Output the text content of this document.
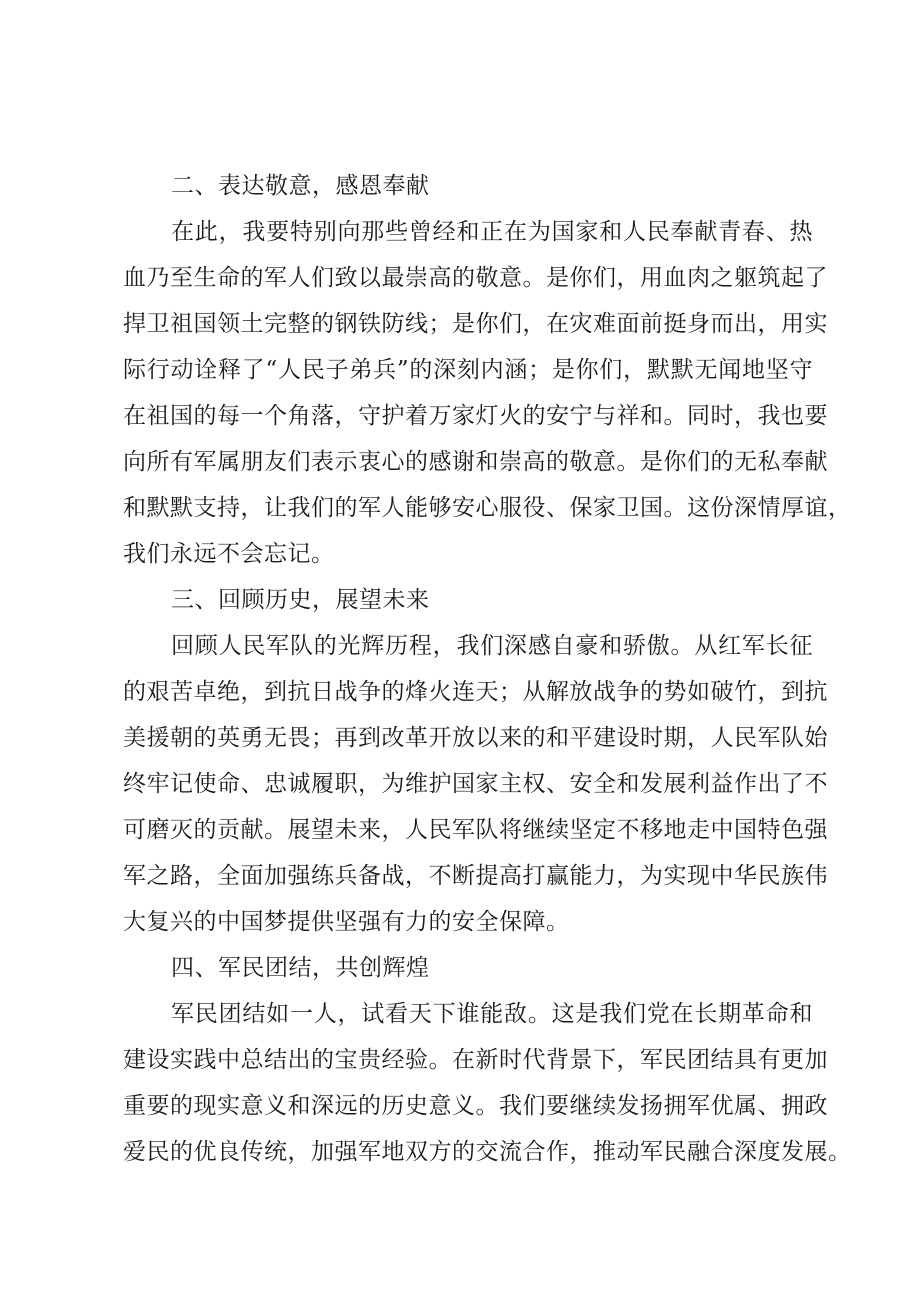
二、表达敬意，感恩奉献
在此，我要特别向那些曾经和正在为国家和人民奉献青春、热
血乃至生命的军人们致以最崇高的敬意。是你们，用血肉之躯筑起了
捍卫祖国领土完整的钢铁防线；是你们，在灾难面前挺身而出，用实
际行动诠释了“人民子弟兵”的深刻内涵；是你们，默默无闻地坚守
在祖国的每一个角落，守护着万家灯火的安宁与祥和。同时，我也要
向所有军属朋友们表示衷心的感谢和崇高的敬意。是你们的无私奉献
和默默支持，让我们的军人能够安心服役、保家卫国。这份深情厚谊，
我们永远不会忘记。
三、回顾历史，展望未来
回顾人民军队的光辉历程，我们深感自豪和骄傲。从红军长征
的艰苦卓绝，到抗日战争的烽火连天；从解放战争的势如破竹，到抗
美援朝的英勇无畏；再到改革开放以来的和平建设时期，人民军队始
终牢记使命、忠诚履职，为维护国家主权、安全和发展利益作出了不
可磨灭的贡献。展望未来，人民军队将继续坚定不移地走中国特色强
军之路，全面加强练兵备战，不断提高打赢能力，为实现中华民族伟
大复兴的中国梦提供坚强有力的安全保障。
四、军民团结，共创辉煌
军民团结如一人，试看天下谁能敌。这是我们党在长期革命和
建设实践中总结出的宝贵经验。在新时代背景下，军民团结具有更加
重要的现实意义和深远的历史意义。我们要继续发扬拥军优属、拥政
爱民的优良传统，加强军地双方的交流合作，推动军民融合深度发展。
